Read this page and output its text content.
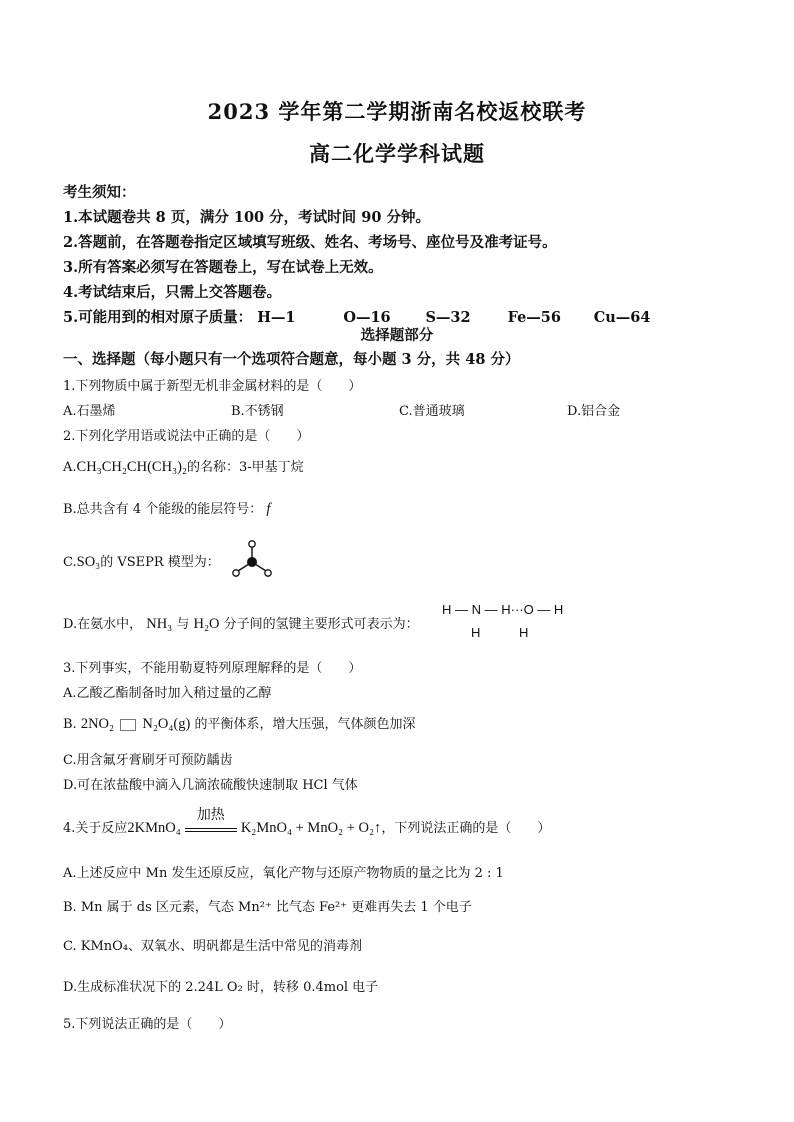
2023 学年第二学期浙南名校返校联考
高二化学学科试题
考生须知：
1.本试题卷共 8 页，满分 100 分，考试时间 90 分钟。
2.答题前，在答题卷指定区域填写班级、姓名、考场号、座位号及准考证号。
3.所有答案必须写在答题卷上，写在试卷上无效。
4.考试结束后，只需上交答题卷。
5.可能用到的相对原子质量： H—1	O—16 S—32	Fe—56 Cu—64
选择题部分
一、选择题（每小题只有一个选项符合题意，每小题 3 分，共 48 分）
1.下列物质中属于新型无机非金属材料的是（　　）
A.石墨烯	B.不锈钢	C.普通玻璃	D.铝合金
2.下列化学用语或说法中正确的是（　　）
A.CH₃CH₂CH(CH₃)₂的名称：3-甲基丁烷
B.总共含有 4 个能级的能层符号： f
C.SO₃的 VSEPR 模型为：
D.在氨水中， NH₃ 与 H₂O 分子间的氢键主要形式可表示为：
H — N — H···O — H
H	H
3.下列事实，不能用勒夏特列原理解释的是（　　）
A.乙酸乙酯制备时加入稍过量的乙醇
B. 2NO₂ N₂O₄(g) 的平衡体系，增大压强，气体颜色加深
C.用含氟牙膏刷牙可预防龋齿
D.可在浓盐酸中滴入几滴浓硫酸快速制取 HCl 气体
4.关于反应2KMnO₄
加热
K₂MnO₄ + MnO₂ + O₂↑，下列说法正确的是（　　）
A.上述反应中 Mn 发生还原反应，氧化产物与还原产物物质的量之比为 2 : 1
B. Mn 属于 ds 区元素，气态 Mn²⁺ 比气态 Fe²⁺ 更难再失去 1 个电子
C. KMnO₄、双氧水、明矾都是生活中常见的消毒剂
D.生成标准状况下的 2.24L O₂ 时，转移 0.4mol 电子
5.下列说法正确的是（　　）
